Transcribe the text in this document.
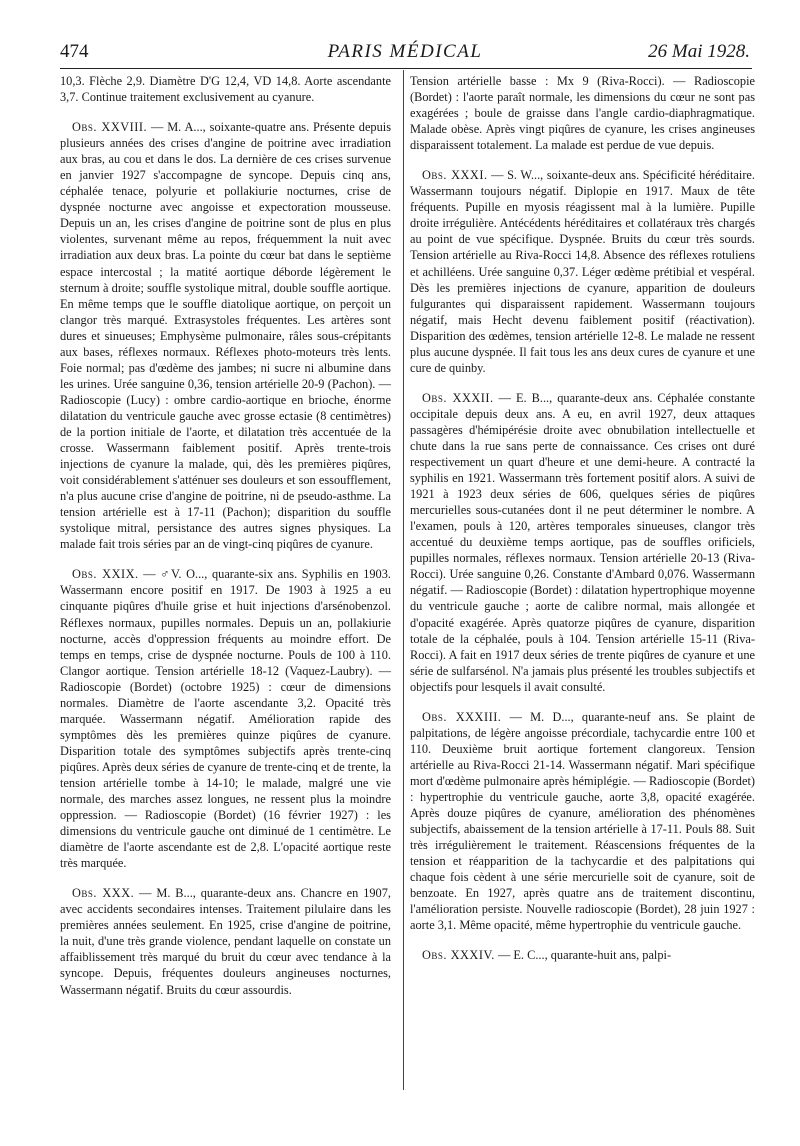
474	PARIS MÉDICAL	26 Mai 1928.

10,3. Flèche 2,9. Diamètre D'G 12,4, VD 14,8. Aorte ascendante 3,7. Continue traitement exclusivement au cyanure.

Obs. XXVIII. — M. A..., soixante-quatre ans. Présente depuis plusieurs années des crises d'angine de poitrine avec irradiation aux bras, au cou et dans le dos. La dernière de ces crises survenue en janvier 1927 s'accompagne de syncope. Depuis cinq ans, céphalée tenace, polyurie et pollakiurie nocturnes, crise de dyspnée nocturne avec angoisse et expectoration mousseuse. Depuis un an, les crises d'angine de poitrine sont de plus en plus violentes, survenant même au repos, fréquemment la nuit avec irradiation aux deux bras. La pointe du cœur bat dans le septième espace intercostal ; la matité aortique déborde légèrement le sternum à droite; souffle systolique mitral, double souffle aortique. En même temps que le souffle diatolique aortique, on perçoit un clangor très marqué. Extrasystoles fréquentes. Les artères sont dures et sinueuses; Emphysème pulmonaire, râles sous-crépitants aux bases, réflexes normaux. Réflexes photo-moteurs très lents. Foie normal; pas d'œdème des jambes; ni sucre ni albumine dans les urines. Urée sanguine 0,36, tension artérielle 20-9 (Pachon). — Radioscopie (Lucy) : ombre cardio-aortique en brioche, énorme dilatation du ventricule gauche avec grosse ectasie (8 centimètres) de la portion initiale de l'aorte, et dilatation très accentuée de la crosse. Wassermann faiblement positif. Après trente-trois injections de cyanure la malade, qui, dès les premières piqûres, voit considérablement s'atténuer ses douleurs et son essoufflement, n'a plus aucune crise d'angine de poitrine, ni de pseudo-asthme. La tension artérielle est à 17-11 (Pachon); disparition du souffle systolique mitral, persistance des autres signes physiques. La malade fait trois séries par an de vingt-cinq piqûres de cyanure.

Obs. XXIX. — ♂V. O..., quarante-six ans. Syphilis en 1903. Wassermann encore positif en 1917. De 1903 à 1925 a eu cinquante piqûres d'huile grise et huit injections d'arsénobenzol. Réflexes normaux, pupilles normales. Depuis un an, pollakiurie nocturne, accès d'oppression fréquents au moindre effort. De temps en temps, crise de dyspnée nocturne. Pouls de 100 à 110. Clangor aortique. Tension artérielle 18-12 (Vaquez-Laubry). — Radioscopie (Bordet) (octobre 1925) : cœur de dimensions normales. Diamètre de l'aorte ascendante 3,2. Opacité très marquée. Wassermann négatif. Amélioration rapide des symptômes dès les premières quinze piqûres de cyanure. Disparition totale des symptômes subjectifs après trente-cinq piqûres. Après deux séries de cyanure de trente-cinq et de trente, la tension artérielle tombe à 14-10; le malade, malgré une vie normale, des marches assez longues, ne ressent plus la moindre oppression. — Radioscopie (Bordet) (16 février 1927) : les dimensions du ventricule gauche ont diminué de 1 centimètre. Le diamètre de l'aorte ascendante est de 2,8. L'opacité aortique reste très marquée.

Obs. XXX. — M. B..., quarante-deux ans. Chancre en 1907, avec accidents secondaires intenses. Traitement pilulaire dans les premières années seulement. En 1925, crise d'angine de poitrine, la nuit, d'une très grande violence, pendant laquelle on constate un affaiblissement très marqué du bruit du cœur avec tendance à la syncope. Depuis, fréquentes douleurs angineuses nocturnes, Wassermann négatif. Bruits du cœur assourdis.

Tension artérielle basse : Mx 9 (Riva-Rocci). — Radioscopie (Bordet) : l'aorte paraît normale, les dimensions du cœur ne sont pas exagérées ; boule de graisse dans l'angle cardio-diaphragmatique. Malade obèse. Après vingt piqûres de cyanure, les crises angineuses disparaissent totalement. La malade est perdue de vue depuis.

Obs. XXXI. — S. W..., soixante-deux ans. Spécificité héréditaire. Wassermann toujours négatif. Diplopie en 1917. Maux de tête fréquents. Pupille en myosis réagissent mal à la lumière. Pupille droite irrégulière. Antécédents héréditaires et collatéraux très chargés au point de vue spécifique. Dyspnée. Bruits du cœur très sourds. Tension artérielle au Riva-Rocci 14,8. Absence des réflexes rotuliens et achilléens. Urée sanguine 0,37. Léger œdème prétibial et vespéral. Dès les premières injections de cyanure, apparition de douleurs fulgurantes qui disparaissent rapidement. Wassermann toujours négatif, mais Hecht devenu faiblement positif (réactivation). Disparition des œdèmes, tension artérielle 12-8. Le malade ne ressent plus aucune dyspnée. Il fait tous les ans deux cures de cyanure et une cure de quinby.

Obs. XXXII. — E. B..., quarante-deux ans. Céphalée constante occipitale depuis deux ans. A eu, en avril 1927, deux attaques passagères d'hémipérésie droite avec obnubilation intellectuelle et chute dans la rue sans perte de connaissance. Ces crises ont duré respectivement un quart d'heure et une demi-heure. A contracté la syphilis en 1921. Wassermann très fortement positif alors. A suivi de 1921 à 1923 deux séries de 606, quelques séries de piqûres mercurielles sous-cutanées dont il ne peut déterminer le nombre. A l'examen, pouls à 120, artères temporales sinueuses, clangor très accentué du deuxième temps aortique, pas de souffles orificiels, pupilles normales, réflexes normaux. Tension artérielle 20-13 (Riva-Rocci). Urée sanguine 0,26. Constante d'Ambard 0,076. Wassermann négatif. — Radioscopie (Bordet) : dilatation hypertrophique moyenne du ventricule gauche ; aorte de calibre normal, mais allongée et d'opacité exagérée. Après quatorze piqûres de cyanure, disparition totale de la céphalée, pouls à 104. Tension artérielle 15-11 (Riva-Rocci). A fait en 1917 deux séries de trente piqûres de cyanure et une série de sulfarsénol. N'a jamais plus présenté les troubles subjectifs et objectifs pour lesquels il avait consulté.

Obs. XXXIII. — M. D..., quarante-neuf ans. Se plaint de palpitations, de légère angoisse précordiale, tachycardie entre 100 et 110. Deuxième bruit aortique fortement clangoreux. Tension artérielle au Riva-Rocci 21-14. Wassermann négatif. Mari spécifique mort d'œdème pulmonaire après hémiplégie. — Radioscopie (Bordet) : hypertrophie du ventricule gauche, aorte 3,8, opacité exagérée. Après douze piqûres de cyanure, amélioration des phénomènes subjectifs, abaissement de la tension artérielle à 17-11. Pouls 88. Suit très irrégulièrement le traitement. Réascensions fréquentes de la tension et réapparition de la tachycardie et des palpitations qui chaque fois cèdent à une série mercurielle soit de cyanure, soit de benzoate. En 1927, après quatre ans de traitement discontinu, l'amélioration persiste. Nouvelle radioscopie (Bordet), 28 juin 1927 : aorte 3,1. Même opacité, même hypertrophie du ventricule gauche.

Obs. XXXIV. — E. C..., quarante-huit ans, palpi-
